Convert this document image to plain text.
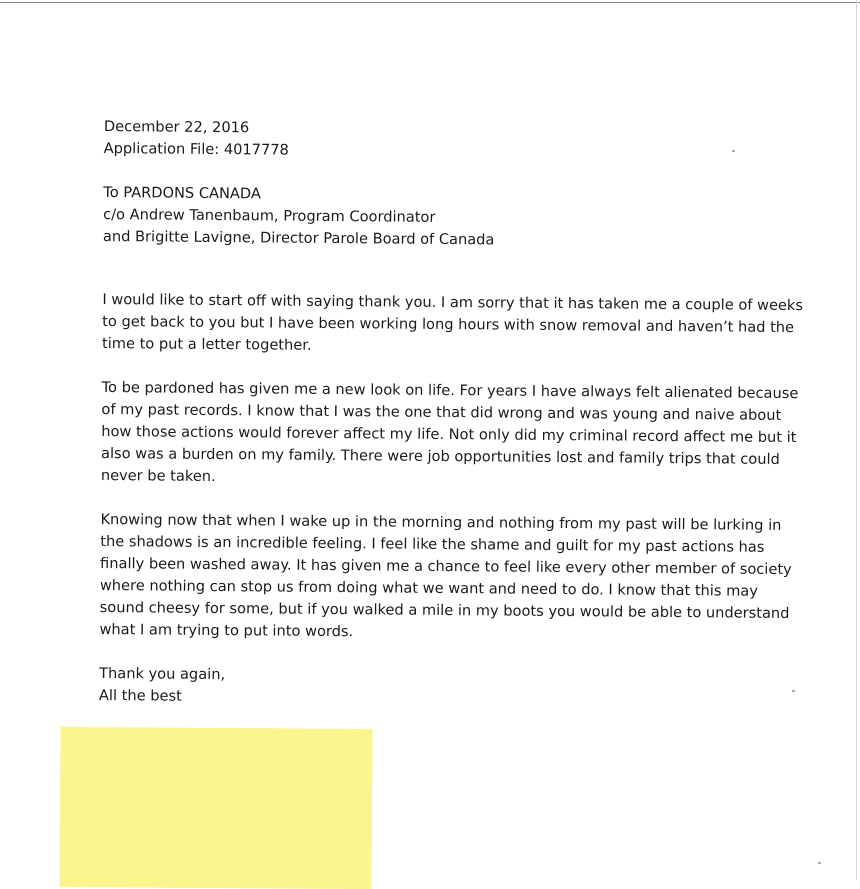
December 22, 2016
Application File: 4017778
To PARDONS CANADA
c/o Andrew Tanenbaum, Program Coordinator
and Brigitte Lavigne, Director Parole Board of Canada
I would like to start off with saying thank you. I am sorry that it has taken me a couple of weeks
to get back to you but I have been working long hours with snow removal and haven’t had the
time to put a letter together.
To be pardoned has given me a new look on life. For years I have always felt alienated because
of my past records. I know that I was the one that did wrong and was young and naive about
how those actions would forever affect my life. Not only did my criminal record affect me but it
also was a burden on my family. There were job opportunities lost and family trips that could
never be taken.
Knowing now that when I wake up in the morning and nothing from my past will be lurking in
the shadows is an incredible feeling. I feel like the shame and guilt for my past actions has
finally been washed away. It has given me a chance to feel like every other member of society
where nothing can stop us from doing what we want and need to do. I know that this may
sound cheesy for some, but if you walked a mile in my boots you would be able to understand
what I am trying to put into words.
Thank you again,
All the best
